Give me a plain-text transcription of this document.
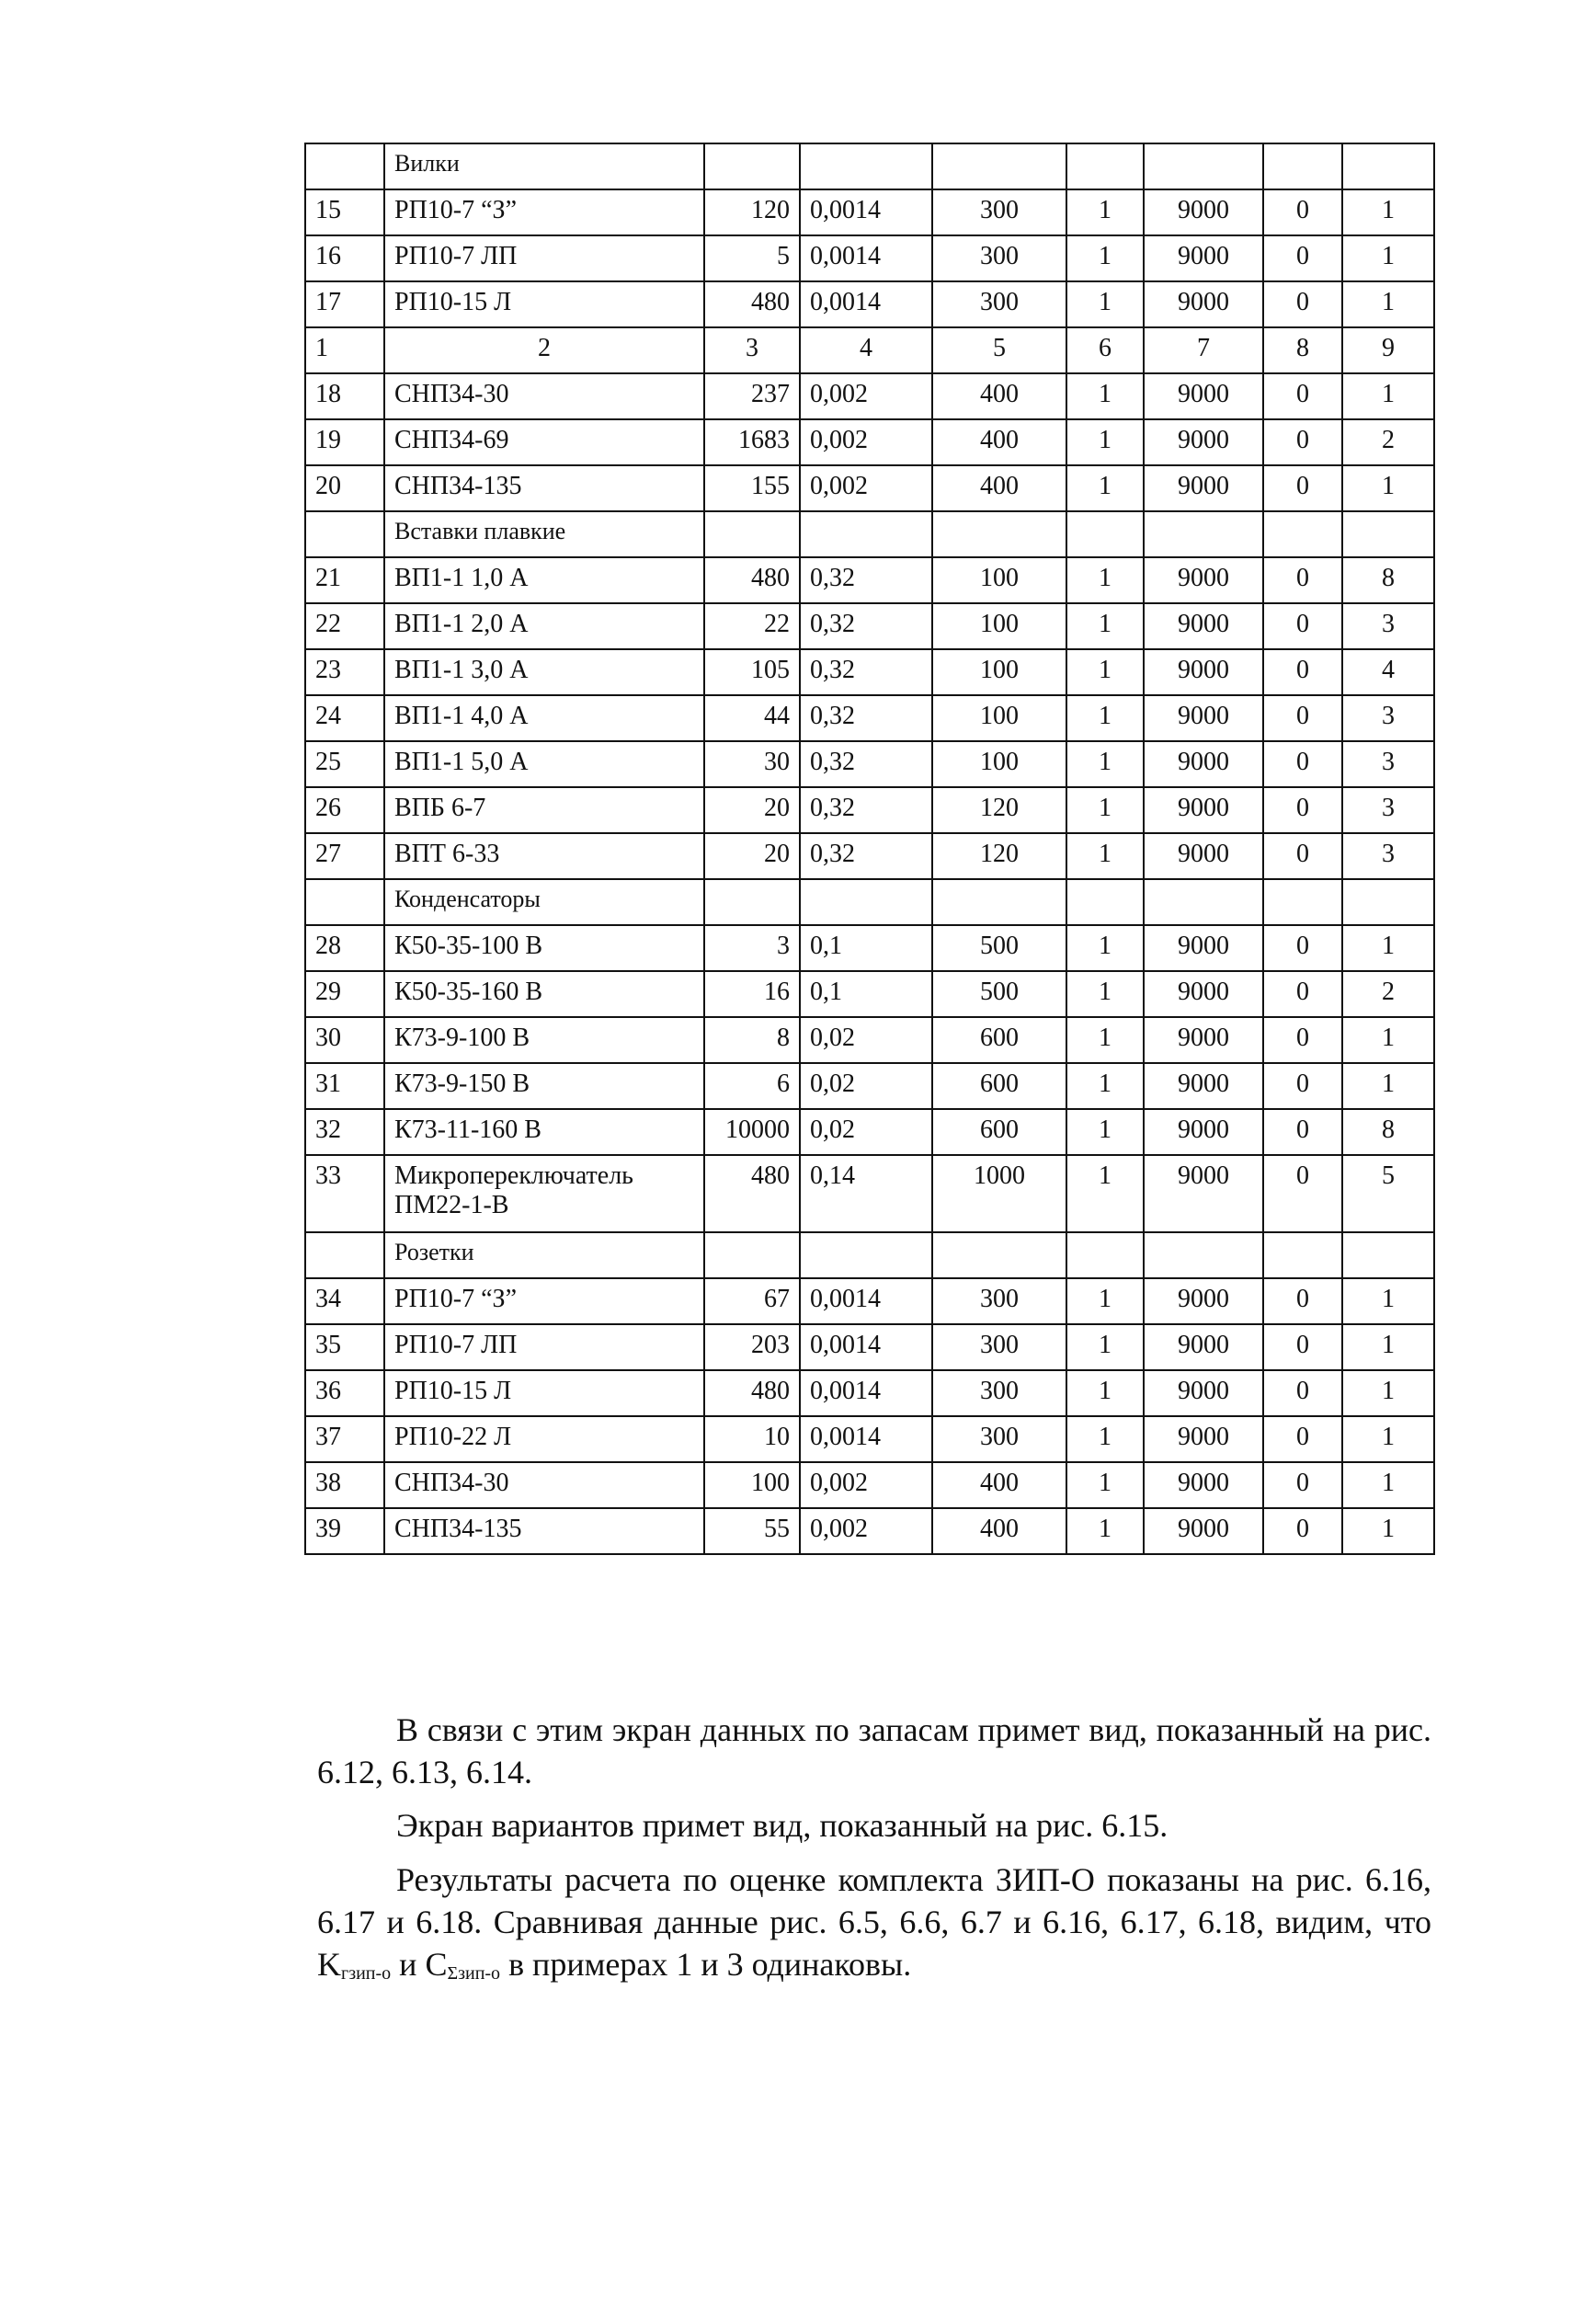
	Вилки							
15	РП10-7 “З”	120	0,0014	300	1	9000	0	1
16	РП10-7 ЛП	5	0,0014	300	1	9000	0	1
17	РП10-15 Л	480	0,0014	300	1	9000	0	1
1	2	3	4	5	6	7	8	9
18	СНП34-30	237	0,002	400	1	9000	0	1
19	СНП34-69	1683	0,002	400	1	9000	0	2
20	СНП34-135	155	0,002	400	1	9000	0	1
	Вставки плавкие							
21	ВП1-1 1,0 А	480	0,32	100	1	9000	0	8
22	ВП1-1 2,0 А	22	0,32	100	1	9000	0	3
23	ВП1-1 3,0 А	105	0,32	100	1	9000	0	4
24	ВП1-1 4,0 А	44	0,32	100	1	9000	0	3
25	ВП1-1 5,0 А	30	0,32	100	1	9000	0	3
26	ВПБ 6-7	20	0,32	120	1	9000	0	3
27	ВПТ 6-33	20	0,32	120	1	9000	0	3
	Конденсаторы							
28	К50-35-100 В	3	0,1	500	1	9000	0	1
29	К50-35-160 В	16	0,1	500	1	9000	0	2
30	К73-9-100 В	8	0,02	600	1	9000	0	1
31	К73-9-150 В	6	0,02	600	1	9000	0	1
32	К73-11-160 В	10000	0,02	600	1	9000	0	8
33	Микропереключатель ПМ22-1-В	480	0,14	1000	1	9000	0	5
	Розетки							
34	РП10-7 “З”	67	0,0014	300	1	9000	0	1
35	РП10-7 ЛП	203	0,0014	300	1	9000	0	1
36	РП10-15 Л	480	0,0014	300	1	9000	0	1
37	РП10-22 Л	10	0,0014	300	1	9000	0	1
38	СНП34-30	100	0,002	400	1	9000	0	1
39	СНП34-135	55	0,002	400	1	9000	0	1

В связи с этим экран данных по запасам примет вид, показанный на рис. 6.12, 6.13, 6.14.

Экран вариантов примет вид, показанный на рис. 6.15.

Результаты расчета по оценке комплекта ЗИП-О показаны на рис. 6.16, 6.17 и 6.18. Сравнивая данные рис. 6.5, 6.6, 6.7 и 6.16, 6.17, 6.18, видим, что $K_{гзип-о}$ и $C_{\Sigma зип-о}$ в примерах 1 и 3 одинаковы.
